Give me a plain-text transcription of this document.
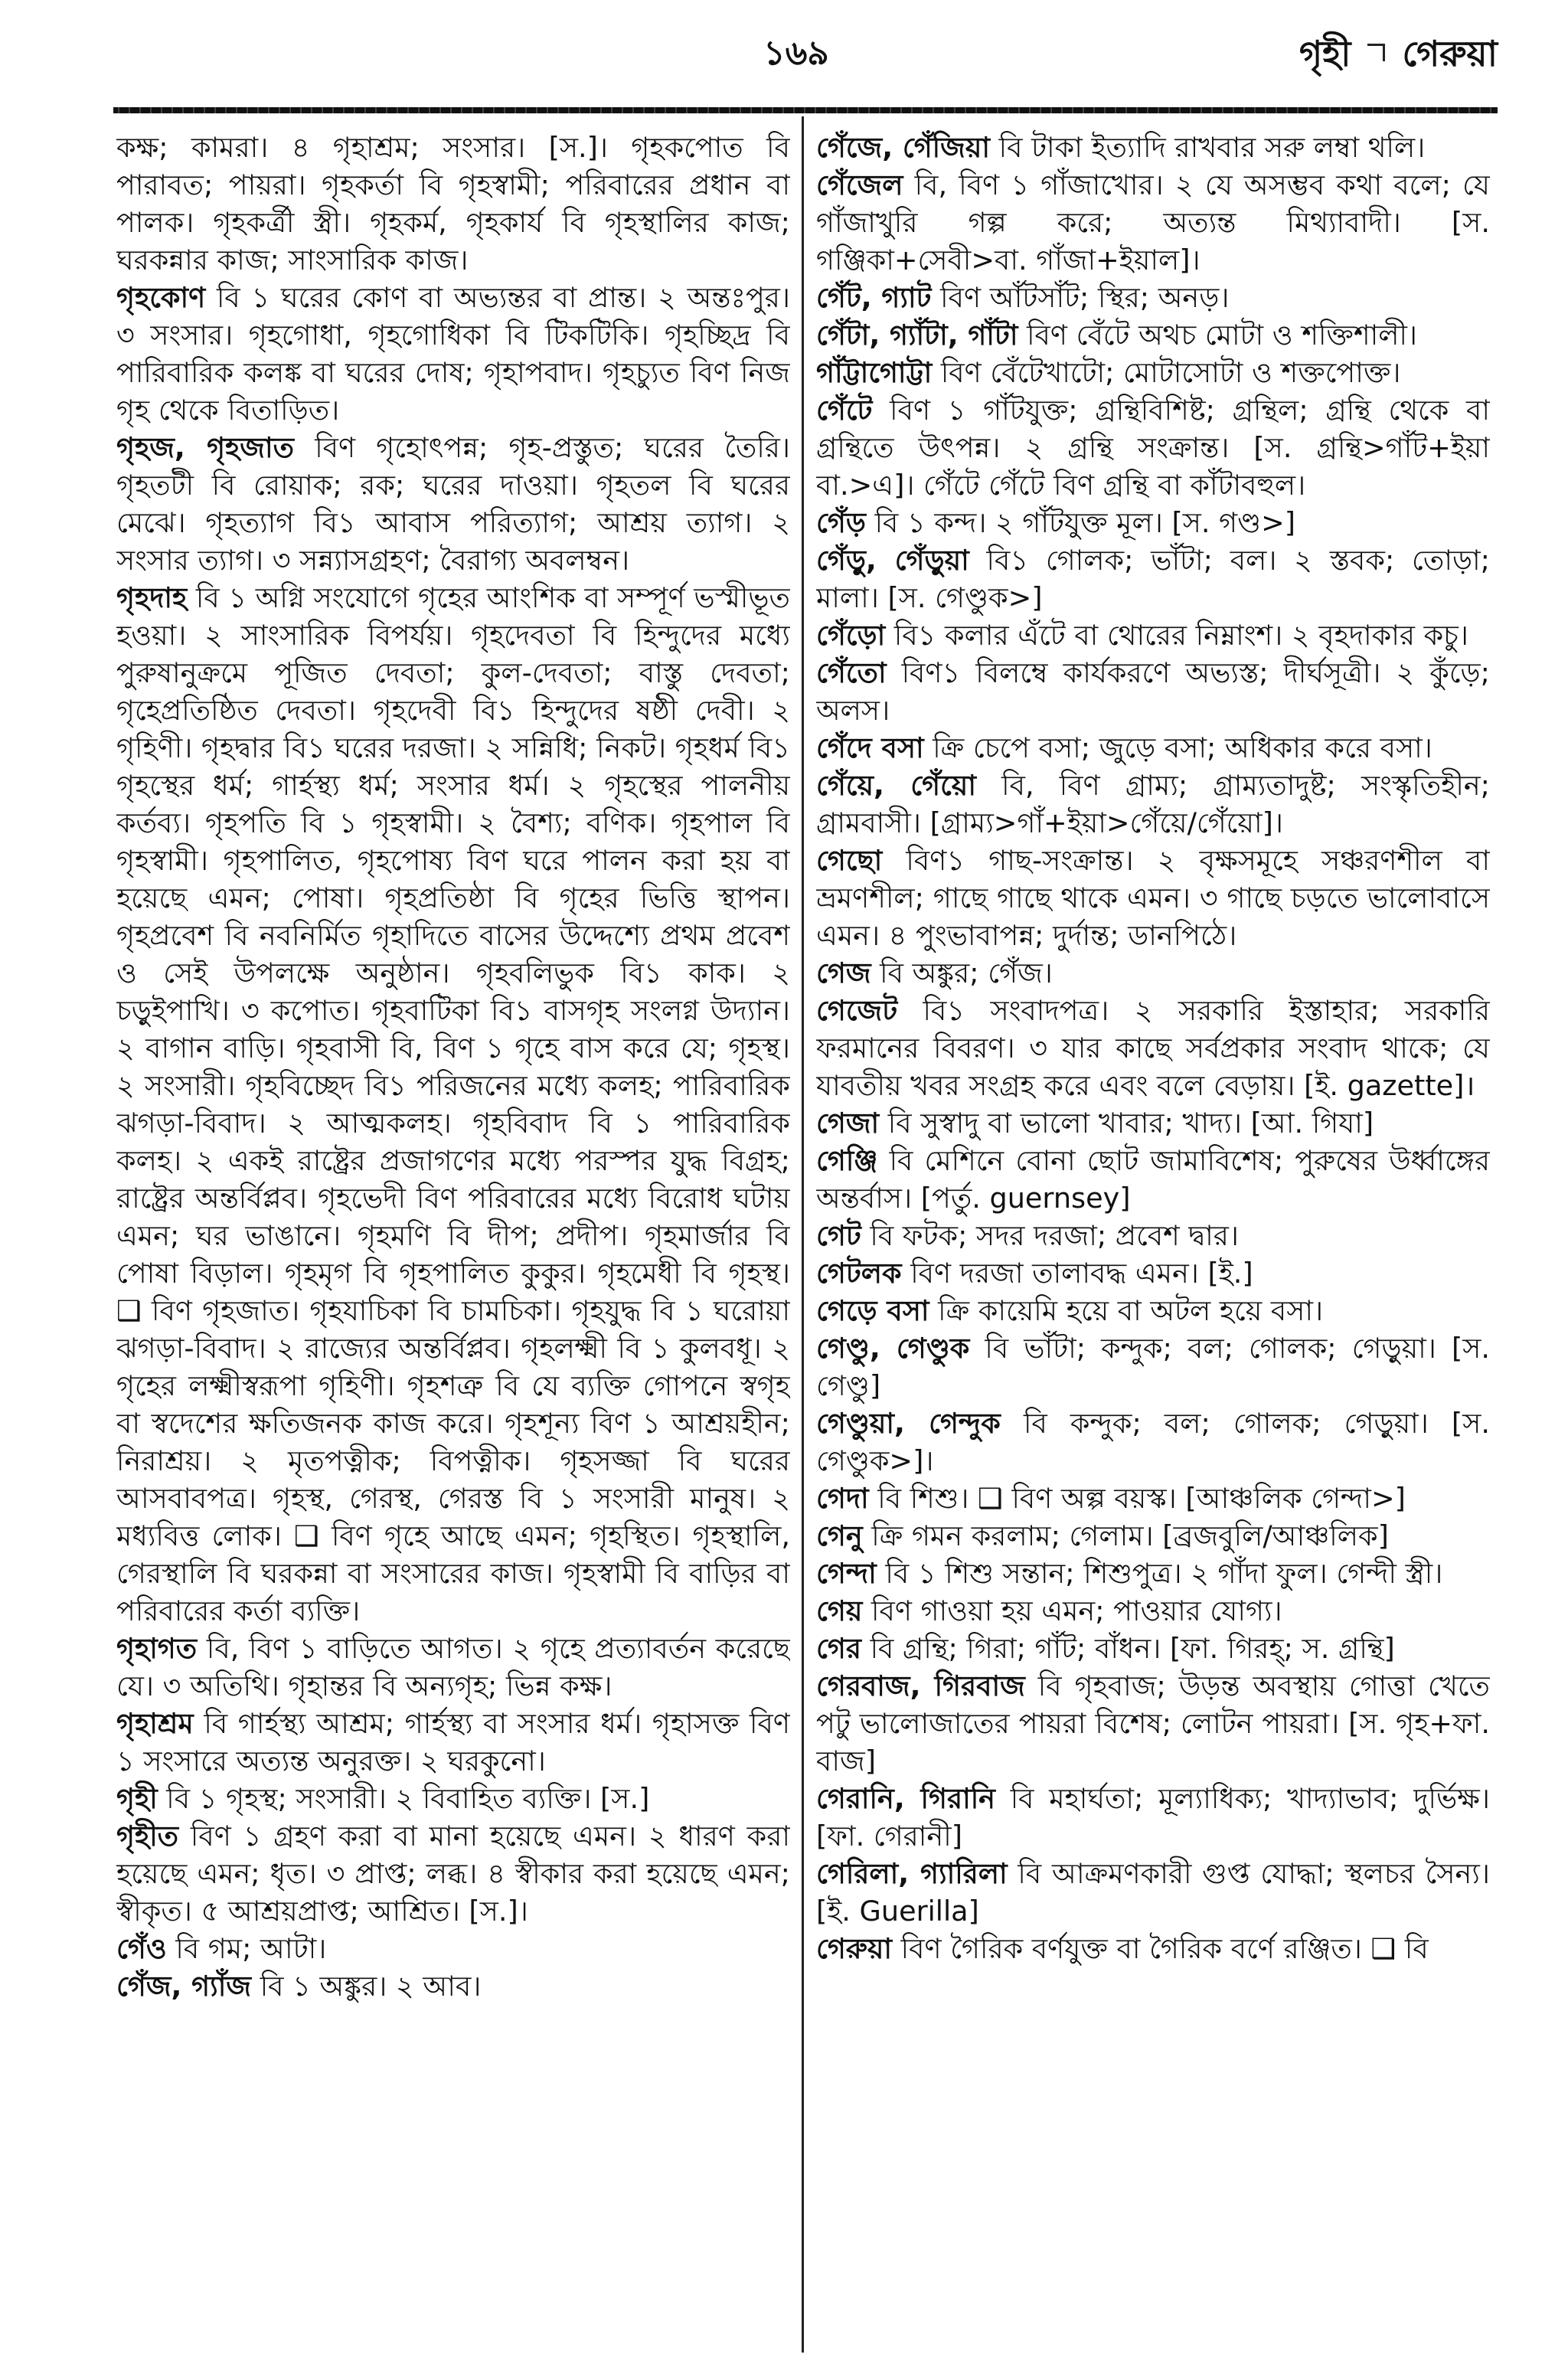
১৬৯	গৃহী গেরুয়া

কক্ষ; কামরা। ৪ গৃহাশ্রম; সংসার। [স.]। গৃহকপোত বি পারাবত; পায়রা। গৃহকর্তা বি গৃহস্বামী; পরিবারের প্রধান বা পালক। গৃহকর্ত্রী স্ত্রী। গৃহকর্ম, গৃহকার্য বি গৃহস্থালির কাজ; ঘরকন্নার কাজ; সাংসারিক কাজ।

গৃহকোণ বি ১ ঘরের কোণ বা অভ্যন্তর বা প্রান্ত। ২ অন্তঃপুর। ৩ সংসার। গৃহগোধা, গৃহগোধিকা বি টিকটিকি। গৃহচ্ছিদ্র বি পারিবারিক কলঙ্ক বা ঘরের দোষ; গৃহাপবাদ। গৃহচ্যুত বিণ নিজ গৃহ থেকে বিতাড়িত।

গৃহজ, গৃহজাত বিণ গৃহোৎপন্ন; গৃহ-প্রস্তুত; ঘরের তৈরি। গৃহতটী বি রোয়াক; রক; ঘরের দাওয়া। গৃহতল বি ঘরের মেঝে। গৃহত্যাগ বি১ আবাস পরিত্যাগ; আশ্রয় ত্যাগ। ২ সংসার ত্যাগ। ৩ সন্ন্যাসগ্রহণ; বৈরাগ্য অবলম্বন।

গৃহদাহ বি ১ অগ্নি সংযোগে গৃহের আংশিক বা সম্পূর্ণ ভস্মীভূত হওয়া। ২ সাংসারিক বিপর্যয়। গৃহদেবতা বি হিন্দুদের মধ্যে পুরুষানুক্রমে পূজিত দেবতা; কুল-দেবতা; বাস্তু দেবতা; গৃহেপ্রতিষ্ঠিত দেবতা। গৃহদেবী বি১ হিন্দুদের ষষ্ঠী দেবী। ২ গৃহিণী। গৃহদ্বার বি১ ঘরের দরজা। ২ সন্নিধি; নিকট। গৃহধর্ম বি১ গৃহস্থের ধর্ম; গার্হস্থ্য ধর্ম; সংসার ধর্ম। ২ গৃহস্থের পালনীয় কর্তব্য। গৃহপতি বি ১ গৃহস্বামী। ২ বৈশ্য; বণিক। গৃহপাল বি গৃহস্বামী। গৃহপালিত, গৃহপোষ্য বিণ ঘরে পালন করা হয় বা হয়েছে এমন; পোষা। গৃহপ্রতিষ্ঠা বি গৃহের ভিত্তি স্থাপন। গৃহপ্রবেশ বি নবনির্মিত গৃহাদিতে বাসের উদ্দেশ্যে প্রথম প্রবেশ ও সেই উপলক্ষে অনুষ্ঠান। গৃহবলিভুক বি১ কাক। ২ চড়ুইপাখি। ৩ কপোত। গৃহবাটিকা বি১ বাসগৃহ সংলগ্ন উদ্যান। ২ বাগান বাড়ি। গৃহবাসী বি, বিণ ১ গৃহে বাস করে যে; গৃহস্থ। ২ সংসারী। গৃহবিচ্ছেদ বি১ পরিজনের মধ্যে কলহ; পারিবারিক ঝগড়া-বিবাদ। ২ আত্মকলহ। গৃহবিবাদ বি ১ পারিবারিক কলহ। ২ একই রাষ্ট্রের প্রজাগণের মধ্যে পরস্পর যুদ্ধ বিগ্রহ; রাষ্ট্রের অন্তর্বিপ্লব। গৃহভেদী বিণ পরিবারের মধ্যে বিরোধ ঘটায় এমন; ঘর ভাঙানে। গৃহমণি বি দীপ; প্রদীপ। গৃহমার্জার বি পোষা বিড়াল। গৃহমৃগ বি গৃহপালিত কুকুর। গৃহমেধী বি গৃহস্থ। ❑ বিণ গৃহজাত। গৃহযাচিকা বি চামচিকা। গৃহযুদ্ধ বি ১ ঘরোয়া ঝগড়া-বিবাদ। ২ রাজ্যের অন্তর্বিপ্লব। গৃহলক্ষ্মী বি ১ কুলবধূ। ২ গৃহের লক্ষ্মীস্বরূপা গৃহিণী। গৃহশত্রু বি যে ব্যক্তি গোপনে স্বগৃহ বা স্বদেশের ক্ষতিজনক কাজ করে। গৃহশূন্য বিণ ১ আশ্রয়হীন; নিরাশ্রয়। ২ মৃতপত্নীক; বিপত্নীক। গৃহসজ্জা বি ঘরের আসবাবপত্র। গৃহস্থ, গেরস্থ, গেরস্ত বি ১ সংসারী মানুষ। ২ মধ্যবিত্ত লোক। ❑ বিণ গৃহে আছে এমন; গৃহস্থিত। গৃহস্থালি, গেরস্থালি বি ঘরকন্না বা সংসারের কাজ। গৃহস্বামী বি বাড়ির বা পরিবারের কর্তা ব্যক্তি।

গৃহাগত বি, বিণ ১ বাড়িতে আগত। ২ গৃহে প্রত্যাবর্তন করেছে যে। ৩ অতিথি। গৃহান্তর বি অন্যগৃহ; ভিন্ন কক্ষ।

গৃহাশ্রম বি গার্হস্থ্য আশ্রম; গার্হস্থ্য বা সংসার ধর্ম। গৃহাসক্ত বিণ ১ সংসারে অত্যন্ত অনুরক্ত। ২ ঘরকুনো।

গৃহী বি ১ গৃহস্থ; সংসারী। ২ বিবাহিত ব্যক্তি। [স.]

গৃহীত বিণ ১ গ্রহণ করা বা মানা হয়েছে এমন। ২ ধারণ করা হয়েছে এমন; ধৃত। ৩ প্রাপ্ত; লব্ধ। ৪ স্বীকার করা হয়েছে এমন; স্বীকৃত। ৫ আশ্রয়প্রাপ্ত; আশ্রিত। [স.]।

গেঁও বি গম; আটা।

গেঁজ, গ্যাঁজ বি ১ অঙ্কুর। ২ আব।

গেঁজে, গেঁজিয়া বি টাকা ইত্যাদি রাখবার সরু লম্বা থলি।

গেঁজেল বি, বিণ ১ গাঁজাখোর। ২ যে অসম্ভব কথা বলে; যে গাঁজাখুরি গল্প করে; অত্যন্ত মিথ্যাবাদী। [স. গঞ্জিকা+সেবী>বা. গাঁজা+ইয়াল]।

গেঁট, গ্যাট বিণ আঁটসাঁট; স্থির; অনড়।

গেঁটা, গ্যাঁটা, গাঁটা বিণ বেঁটে অথচ মোটা ও শক্তিশালী।

গাঁট্টাগোট্টা বিণ বেঁটেখাটো; মোটাসোটা ও শক্তপোক্ত।

গেঁটে বিণ ১ গাঁটযুক্ত; গ্রন্থিবিশিষ্ট; গ্রন্থিল; গ্রন্থি থেকে বা গ্রন্থিতে উৎপন্ন। ২ গ্রন্থি সংক্রান্ত। [স. গ্রন্থি>গাঁট+ইয়া বা.>এ]। গেঁটে গেঁটে বিণ গ্রন্থি বা কাঁটাবহুল।

গেঁড় বি ১ কন্দ। ২ গাঁটযুক্ত মূল। [স. গণ্ড>]

গেঁড়ু, গেঁড়ুয়া বি১ গোলক; ভাঁটা; বল। ২ স্তবক; তোড়া; মালা। [স. গেণ্ডুক>]

গেঁড়ো বি১ কলার এঁটে বা থোরের নিম্নাংশ। ২ বৃহদাকার কচু।

গেঁতো বিণ১ বিলম্বে কার্যকরণে অভ্যস্ত; দীর্ঘসূত্রী। ২ কুঁড়ে; অলস।

গেঁদে বসা ক্রি চেপে বসা; জুড়ে বসা; অধিকার করে বসা।

গেঁয়ে, গেঁয়ো বি, বিণ গ্রাম্য; গ্রাম্যতাদুষ্ট; সংস্কৃতিহীন; গ্রামবাসী। [গ্রাম্য>গাঁ+ইয়া>গেঁয়ে/গেঁয়ো]।

গেছো বিণ১ গাছ-সংক্রান্ত। ২ বৃক্ষসমূহে সঞ্চরণশীল বা ভ্রমণশীল; গাছে গাছে থাকে এমন। ৩ গাছে চড়তে ভালোবাসে এমন। ৪ পুংভাবাপন্ন; দুর্দান্ত; ডানপিঠে।

গেজ বি অঙ্কুর; গেঁজ।

গেজেট বি১ সংবাদপত্র। ২ সরকারি ইস্তাহার; সরকারি ফরমানের বিবরণ। ৩ যার কাছে সর্বপ্রকার সংবাদ থাকে; যে যাবতীয় খবর সংগ্রহ করে এবং বলে বেড়ায়। [ই. gazette]।

গেজা বি সুস্বাদু বা ভালো খাবার; খাদ্য। [আ. গিযা]

গেঞ্জি বি মেশিনে বোনা ছোট জামাবিশেষ; পুরুষের উর্ধ্বাঙ্গের অন্তর্বাস। [পর্তু. guernsey]

গেট বি ফটক; সদর দরজা; প্রবেশ দ্বার।

গেটলক বিণ দরজা তালাবদ্ধ এমন। [ই.]

গেড়ে বসা ক্রি কায়েমি হয়ে বা অটল হয়ে বসা।

গেণ্ডু, গেণ্ডুক বি ভাঁটা; কন্দুক; বল; গোলক; গেড়ুয়া। [স. গেণ্ডু]

গেণ্ডুয়া, গেন্দুক বি কন্দুক; বল; গোলক; গেড়ুয়া। [স. গেণ্ডুক>]।

গেদা বি শিশু। ❑ বিণ অল্প বয়স্ক। [আঞ্চলিক গেন্দা>]

গেনু ক্রি গমন করলাম; গেলাম। [ব্রজবুলি/আঞ্চলিক]

গেন্দা বি ১ শিশু সন্তান; শিশুপুত্র। ২ গাঁদা ফুল। গেন্দী স্ত্রী।

গেয় বিণ গাওয়া হয় এমন; পাওয়ার যোগ্য।

গের বি গ্রন্থি; গিরা; গাঁট; বাঁধন। [ফা. গিরহ্; স. গ্রন্থি]

গেরবাজ, গিরবাজ বি গৃহবাজ; উড়ন্ত অবস্থায় গোত্তা খেতে পটু ভালোজাতের পায়রা বিশেষ; লোটন পায়রা। [স. গৃহ+ফা. বাজ]

গেরানি, গিরানি বি মহার্ঘতা; মূল্যাধিক্য; খাদ্যাভাব; দুর্ভিক্ষ। [ফা. গেরানী]

গেরিলা, গ্যারিলা বি আক্রমণকারী গুপ্ত যোদ্ধা; স্থলচর সৈন্য। [ই. Guerilla]

গেরুয়া বিণ গৈরিক বর্ণযুক্ত বা গৈরিক বর্ণে রঞ্জিত। ❑ বি
